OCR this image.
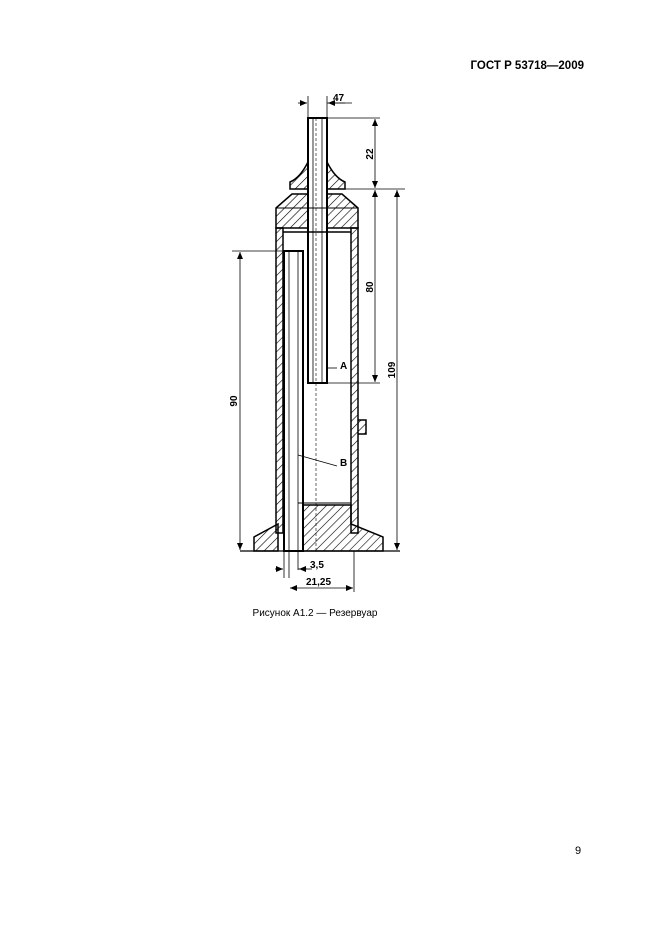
ГОСТ Р 53718—2009
47
22
80
109
90
3,5
21,25
A
B
Рисунок А1.2 — Резервуар
9
